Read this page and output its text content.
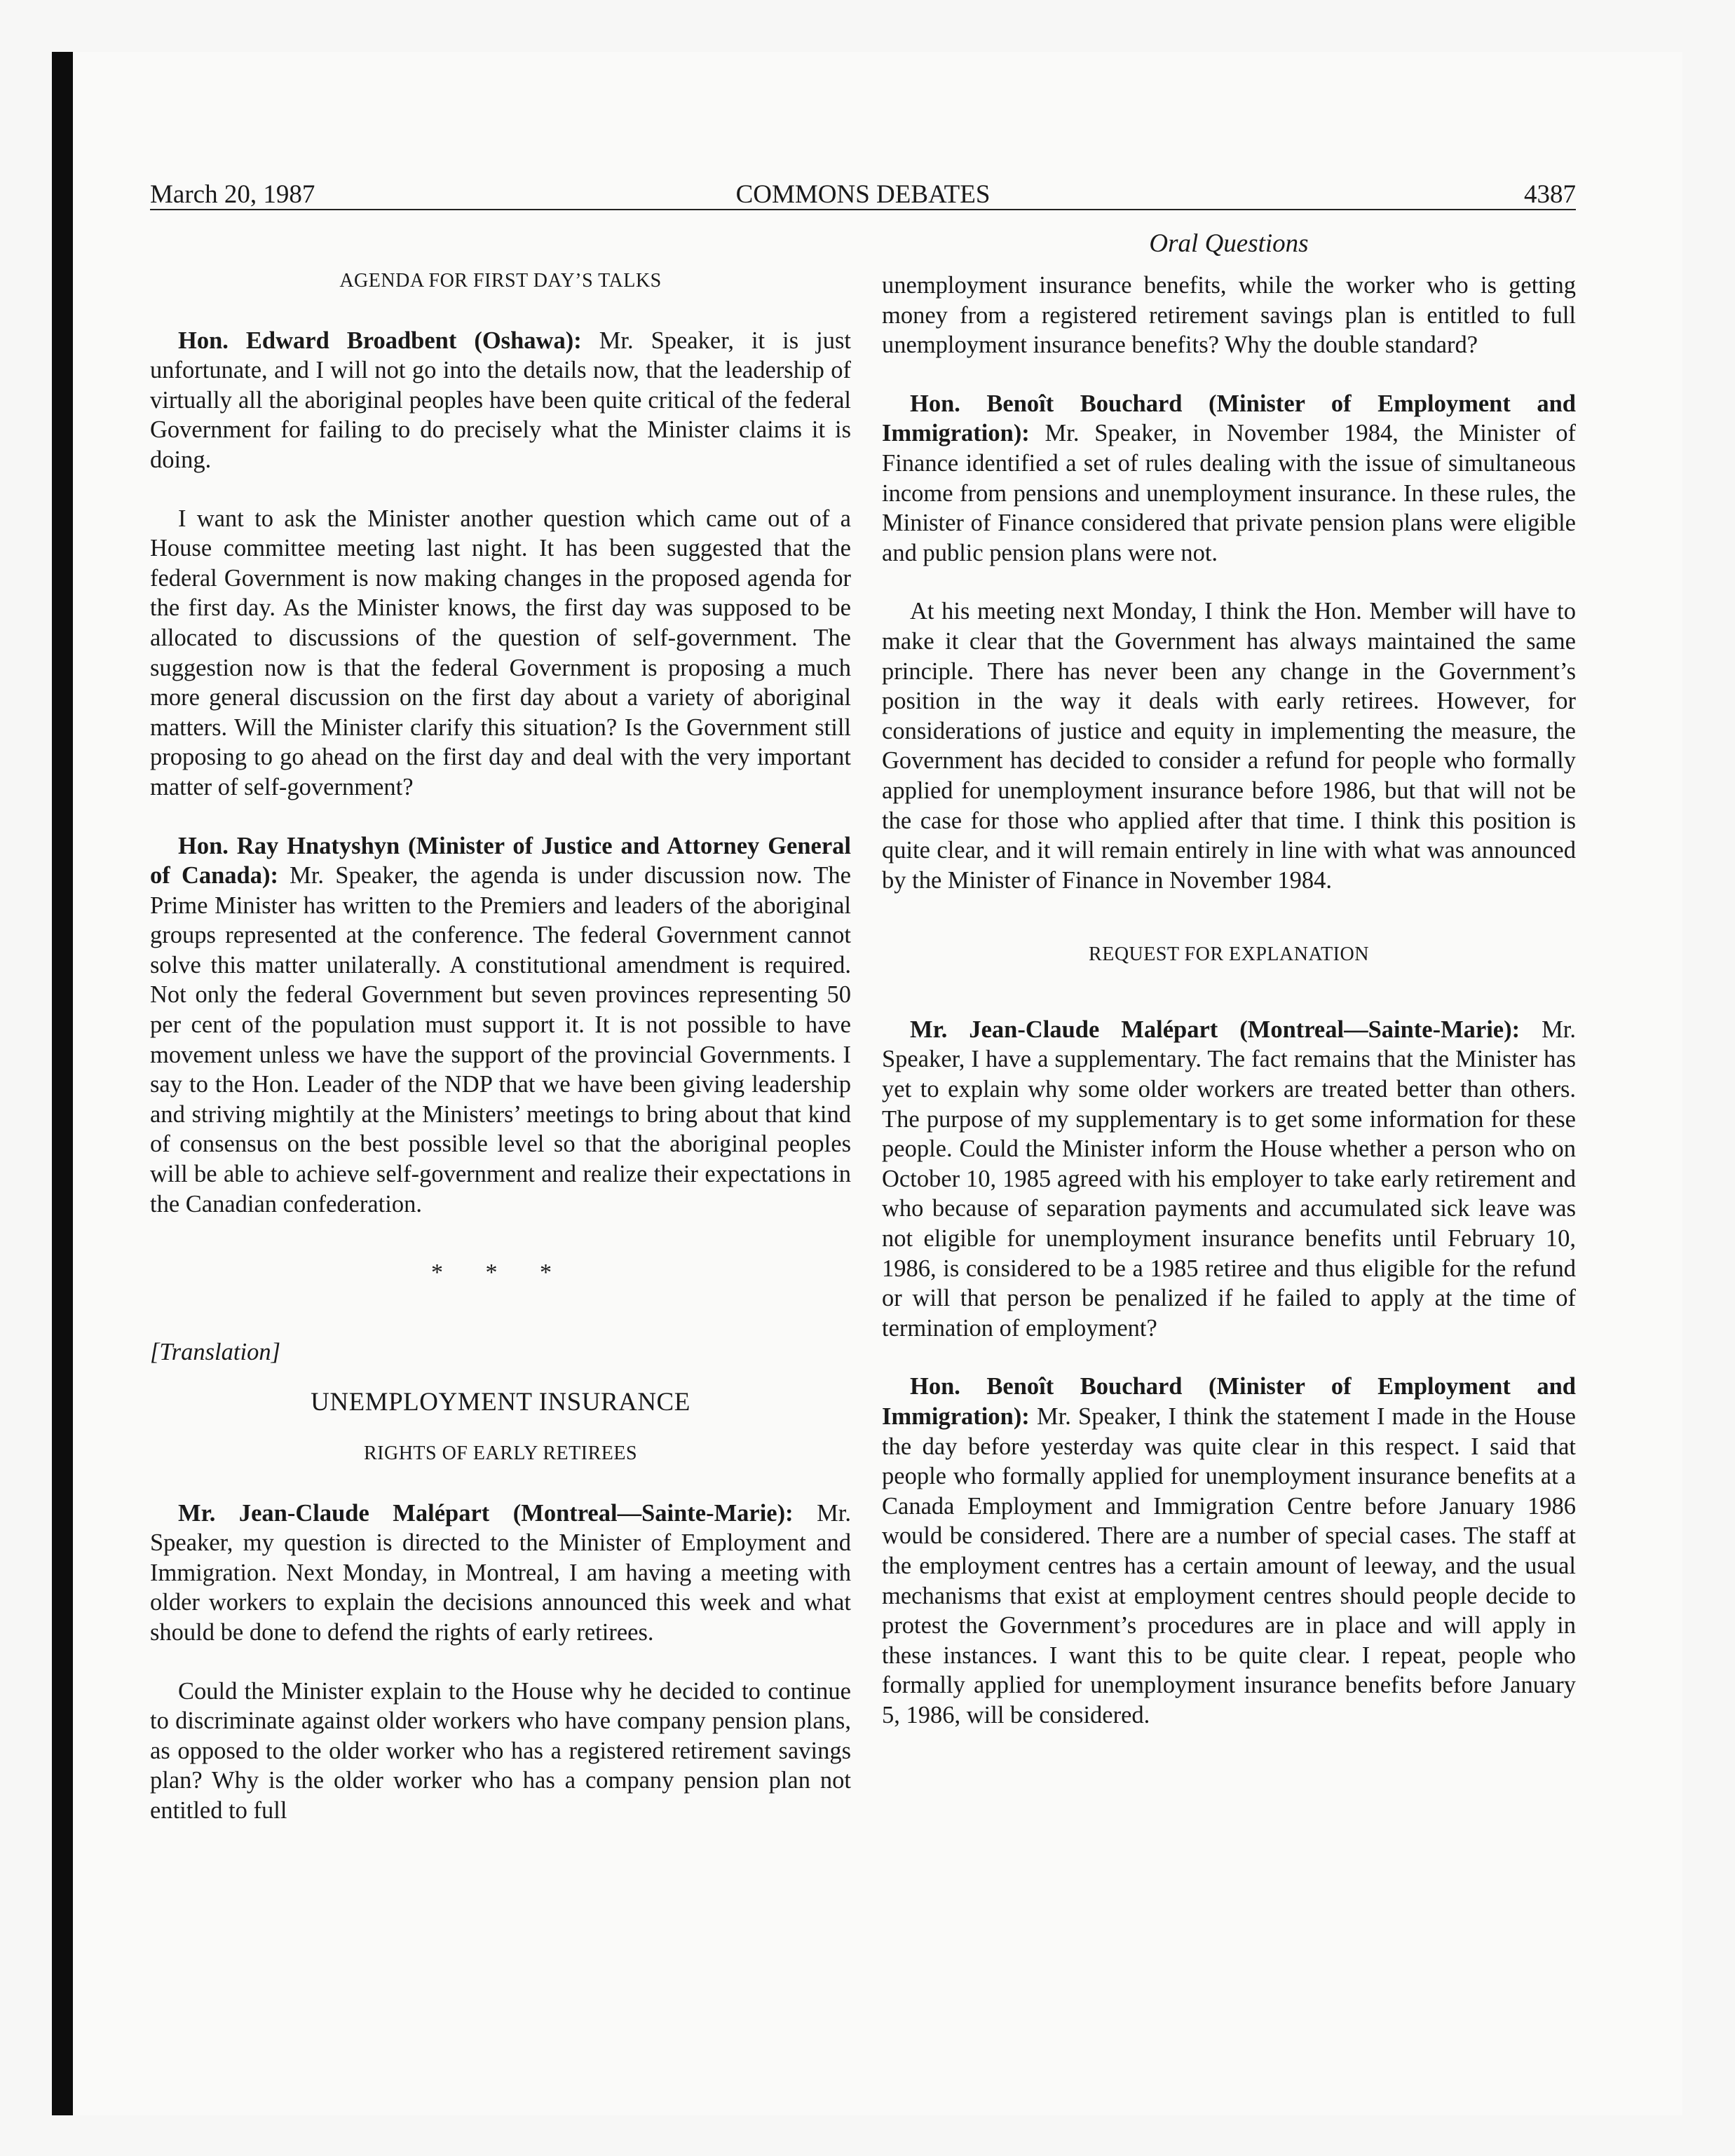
March 20, 1987	COMMONS DEBATES	4387
Oral Questions
AGENDA FOR FIRST DAY’S TALKS

Hon. Edward Broadbent (Oshawa): Mr. Speaker, it is just unfortunate, and I will not go into the details now, that the leadership of virtually all the aboriginal peoples have been quite critical of the federal Government for failing to do precisely what the Minister claims it is doing.

I want to ask the Minister another question which came out of a House committee meeting last night. It has been suggested that the federal Government is now making changes in the proposed agenda for the first day. As the Minister knows, the first day was supposed to be allocated to discussions of the question of self-government. The suggestion now is that the federal Government is proposing a much more general discussion on the first day about a variety of aboriginal matters. Will the Minister clarify this situation? Is the Government still proposing to go ahead on the first day and deal with the very important matter of self-government?

Hon. Ray Hnatyshyn (Minister of Justice and Attorney General of Canada): Mr. Speaker, the agenda is under discussion now. The Prime Minister has written to the Premiers and leaders of the aboriginal groups represented at the conference. The federal Government cannot solve this matter unilaterally. A constitutional amendment is required. Not only the federal Government but seven provinces representing 50 per cent of the population must support it. It is not possible to have movement unless we have the support of the provincial Governments. I say to the Hon. Leader of the NDP that we have been giving leadership and striving mightily at the Ministers’ meetings to bring about that kind of consensus on the best possible level so that the aboriginal peoples will be able to achieve self-government and realize their expectations in the Canadian confederation.

* * *
[Translation]
UNEMPLOYMENT INSURANCE
RIGHTS OF EARLY RETIREES

Mr. Jean-Claude Malépart (Montreal—Sainte-Marie): Mr. Speaker, my question is directed to the Minister of Employment and Immigration. Next Monday, in Montreal, I am having a meeting with older workers to explain the decisions announced this week and what should be done to defend the rights of early retirees.

Could the Minister explain to the House why he decided to continue to discriminate against older workers who have company pension plans, as opposed to the older worker who has a registered retirement savings plan? Why is the older worker who has a company pension plan not entitled to full

unemployment insurance benefits, while the worker who is getting money from a registered retirement savings plan is entitled to full unemployment insurance benefits? Why the double standard?

Hon. Benoît Bouchard (Minister of Employment and Immigration): Mr. Speaker, in November 1984, the Minister of Finance identified a set of rules dealing with the issue of simultaneous income from pensions and unemployment insurance. In these rules, the Minister of Finance considered that private pension plans were eligible and public pension plans were not.

At his meeting next Monday, I think the Hon. Member will have to make it clear that the Government has always maintained the same principle. There has never been any change in the Government’s position in the way it deals with early retirees. However, for considerations of justice and equity in implementing the measure, the Government has decided to consider a refund for people who formally applied for unemployment insurance before 1986, but that will not be the case for those who applied after that time. I think this position is quite clear, and it will remain entirely in line with what was announced by the Minister of Finance in November 1984.

REQUEST FOR EXPLANATION

Mr. Jean-Claude Malépart (Montreal—Sainte-Marie): Mr. Speaker, I have a supplementary. The fact remains that the Minister has yet to explain why some older workers are treated better than others. The purpose of my supplementary is to get some information for these people. Could the Minister inform the House whether a person who on October 10, 1985 agreed with his employer to take early retirement and who because of separation payments and accumulated sick leave was not eligible for unemployment insurance benefits until February 10, 1986, is considered to be a 1985 retiree and thus eligible for the refund or will that person be penalized if he failed to apply at the time of termination of employment?

Hon. Benoît Bouchard (Minister of Employment and Immigration): Mr. Speaker, I think the statement I made in the House the day before yesterday was quite clear in this respect. I said that people who formally applied for unemployment insurance benefits at a Canada Employment and Immigration Centre before January 1986 would be considered. There are a number of special cases. The staff at the employment centres has a certain amount of leeway, and the usual mechanisms that exist at employment centres should people decide to protest the Government’s procedures are in place and will apply in these instances. I want this to be quite clear. I repeat, people who formally applied for unemployment insurance benefits before January 5, 1986, will be considered.
